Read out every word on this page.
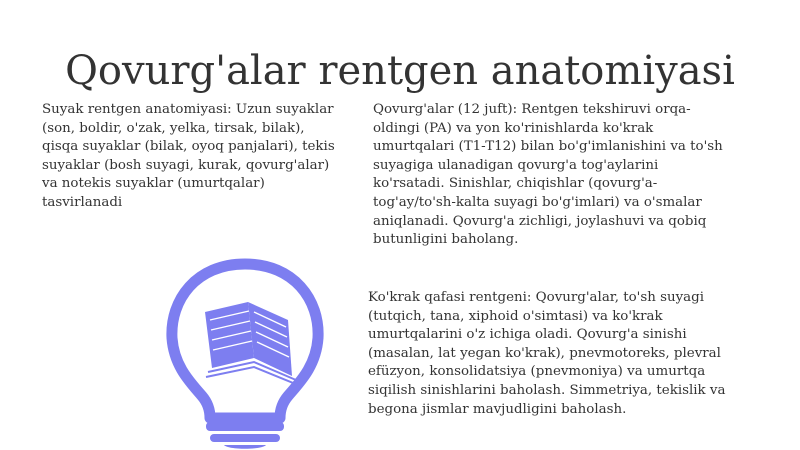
Qovurg'alar rentgen anatomiyasi

Suyak rentgen anatomiyasi: Uzun suyaklar (son, boldir, o'zak, yelka, tirsak, bilak), qisqa suyaklar (bilak, oyoq panjalari), tekis suyaklar (bosh suyagi, kurak, qovurg'alar) va notekis suyaklar (umurtqalar) tasvirlanadi

Qovurg'alar (12 juft): Rentgen tekshiruvi orqa-oldingi (PA) va yon ko'rinishlarda ko'krak umurtqalari (T1-T12) bilan bo'g'imlanishini va to'sh suyagiga ulanadigan qovurg'a tog'aylarini ko'rsatadi. Sinishlar, chiqishlar (qovurg'a-tog'ay/to'sh-kalta suyagi bo'g'imlari) va o'smalar aniqlanadi. Qovurg'a zichligi, joylashuvi va qobiq butunligini baholang.

Ko'krak qafasi rentgeni: Qovurg'alar, to'sh suyagi (tutqich, tana, xiphoid o'simtasi) va ko'krak umurtqalarini o'z ichiga oladi. Qovurg'a sinishi (masalan, lat yegan ko'krak), pnevmotoreks, plevral efüzyon, konsolidatsiya (pnevmoniya) va umurtqa siqilish sinishlarini baholash. Simmetriya, tekislik va begona jismlar mavjudligini baholash.
